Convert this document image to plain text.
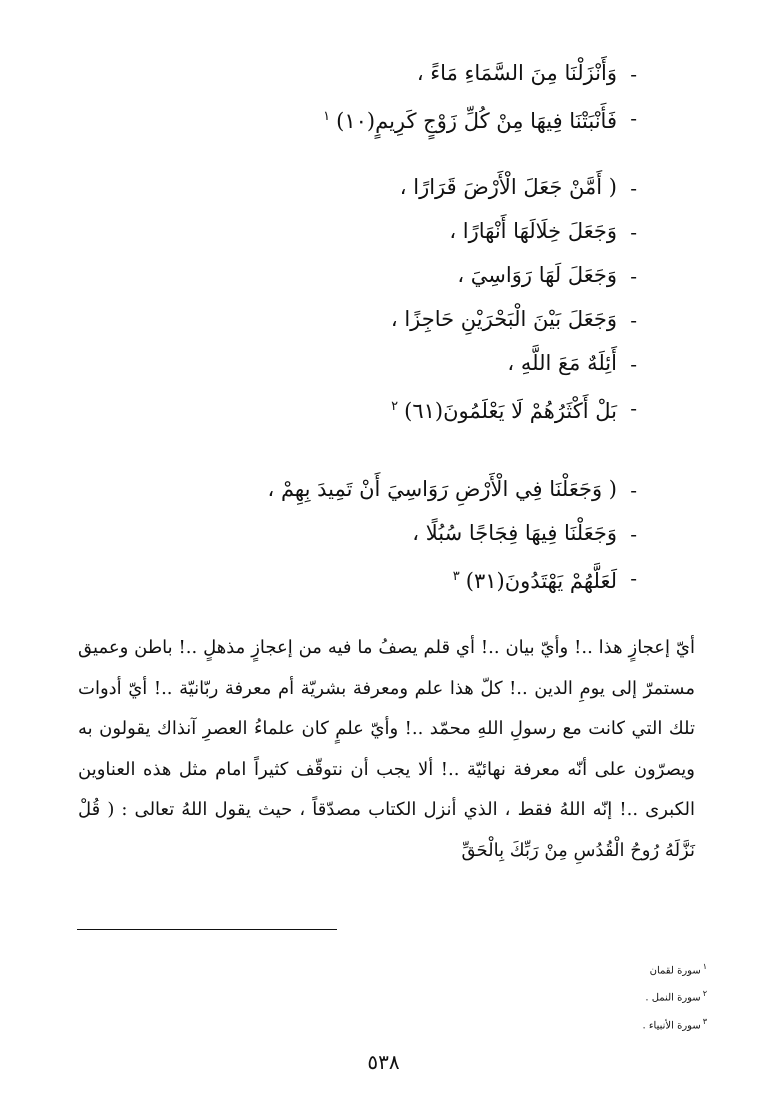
-
وَأَنْزَلْنَا مِنَ السَّمَاءِ مَاءً ،
-
فَأَنْبَتْنَا فِيهَا مِنْ كُلِّ زَوْجٍ كَرِيمٍ(١٠)$^١$
-
( أَمَّنْ جَعَلَ الْأَرْضَ قَرَارًا ،
-
وَجَعَلَ خِلَالَهَا أَنْهَارًا ،
-
وَجَعَلَ لَهَا رَوَاسِيَ ،
-
وَجَعَلَ بَيْنَ الْبَحْرَيْنِ حَاجِزًا ،
-
أَئِلَهٌ مَعَ اللَّهِ ،
-
بَلْ أَكْثَرُهُمْ لَا يَعْلَمُونَ(٦١)$^٢$
-
( وَجَعَلْنَا فِي الْأَرْضِ رَوَاسِيَ أَنْ تَمِيدَ بِهِمْ ،
-
وَجَعَلْنَا فِيهَا فِجَاجًا سُبُلًا ،
-
لَعَلَّهُمْ يَهْتَدُونَ(٣١)$^٣$

أيّ إعجازٍ هذا ..! وأيّ بيان ..! أي قلم يصفُ ما فيه من إعجازٍ مذهلٍ ..! باطن وعميق مستمرّ إلى يومِ الدين ..! كلّ هذا علم ومعرفة بشريّة أم معرفة ربّانيّة ..! أيّ أدوات تلك التي كانت مع رسولِ اللهِ محمّد ..! وأيّ علمٍ كان علماءُ العصرِ آنذاك يقولون به ويصرّون على أنّه معرفة نهائيّة ..! ألا يجب أن نتوقّف كثيراً امام مثل هذه العناوين الكبرى ..! إنّه اللهُ فقط ، الذي أنزل الكتاب مصدّقاً ، حيث يقول اللهُ تعالى : ( قُلْ نَزَّلَهُ رُوحُ الْقُدُسِ مِنْ رَبِّكَ بِالْحَقِّ

$^١$سورة لقمان
$^٢$سورة النمل .
$^٣$سورة الأنبياء .
٥٣٨
